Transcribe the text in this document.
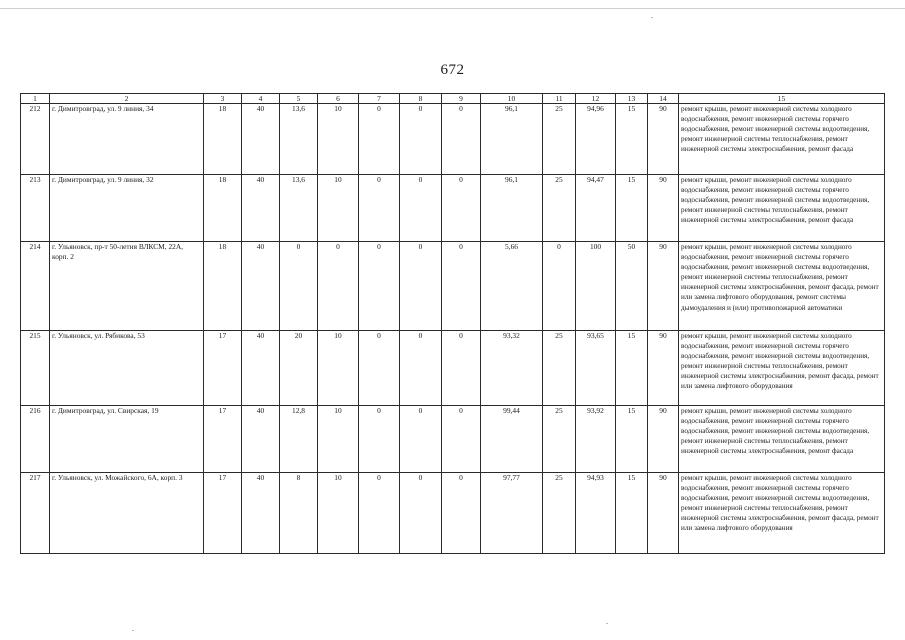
672
1	2	3	4	5	6	7	8	9	10	11	12	13	14	15
212	г. Димитровград, ул. 9 линия, 34	18	40	13,6	10	0	0	0	96,1	25	94,96	15	90	ремонт крыши, ремонт инженерной системы холодного водоснабжения, ремонт инженерной системы горячего водоснабжения, ремонт инженерной системы водоотведения, ремонт инженерной системы теплоснабжения, ремонт инженерной системы электроснабжения, ремонт фасада
213	г. Димитровград, ул. 9 линия, 32	18	40	13,6	10	0	0	0	96,1	25	94,47	15	90	ремонт крыши, ремонт инженерной системы холодного водоснабжения, ремонт инженерной системы горячего водоснабжения, ремонт инженерной системы водоотведения, ремонт инженерной системы теплоснабжения, ремонт инженерной системы электроснабжения, ремонт фасада
214	г. Ульяновск, пр-т 50-летия ВЛКСМ, 22А, корп. 2	18	40	0	0	0	0	0	5,66	0	100	50	90	ремонт крыши, ремонт инженерной системы холодного водоснабжения, ремонт инженерной системы горячего водоснабжения, ремонт инженерной системы водоотведения, ремонт инженерной системы теплоснабжения, ремонт инженерной системы электроснабжения, ремонт фасада, ремонт или замена лифтового оборудования, ремонт системы дымоудаления и (или) противопожарной автоматики
215	г. Ульяновск, ул. Рябикова, 53	17	40	20	10	0	0	0	93,32	25	93,65	15	90	ремонт крыши, ремонт инженерной системы холодного водоснабжения, ремонт инженерной системы горячего водоснабжения, ремонт инженерной системы водоотведения, ремонт инженерной системы теплоснабжения, ремонт инженерной системы электроснабжения, ремонт фасада, ремонт или замена лифтового оборудования
216	г. Димитровград, ул. Свирская, 19	17	40	12,8	10	0	0	0	99,44	25	93,92	15	90	ремонт крыши, ремонт инженерной системы холодного водоснабжения, ремонт инженерной системы горячего водоснабжения, ремонт инженерной системы водоотведения, ремонт инженерной системы теплоснабжения, ремонт инженерной системы электроснабжения, ремонт фасада
217	г. Ульяновск, ул. Можайского, 6А, корп. 3	17	40	8	10	0	0	0	97,77	25	94,93	15	90	ремонт крыши, ремонт инженерной системы холодного водоснабжения, ремонт инженерной системы горячего водоснабжения, ремонт инженерной системы водоотведения, ремонт инженерной системы теплоснабжения, ремонт инженерной системы электроснабжения, ремонт фасада, ремонт или замена лифтового оборудования
